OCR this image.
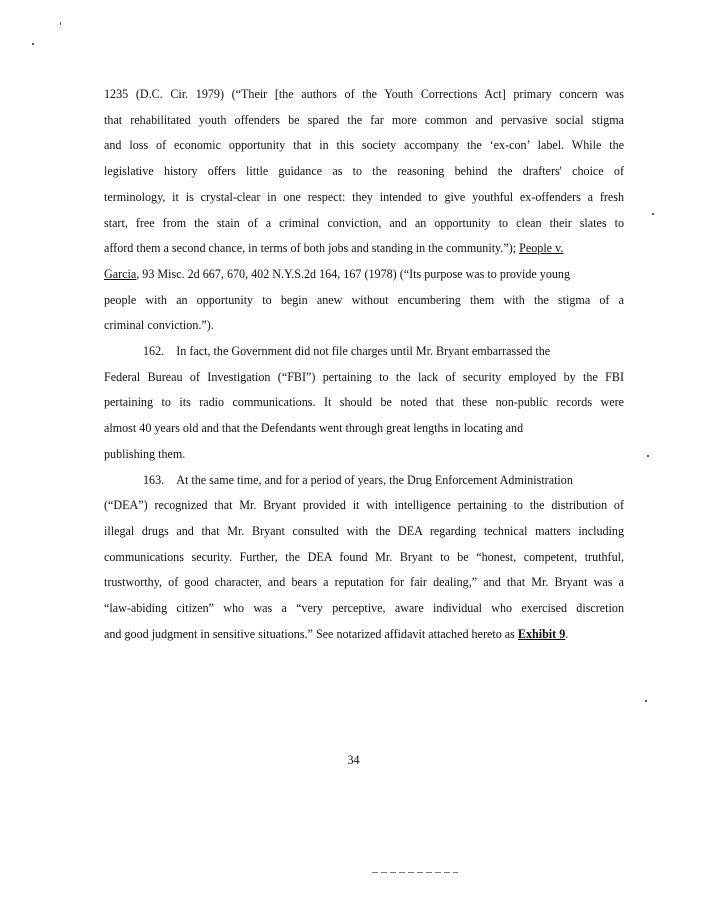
1235 (D.C. Cir. 1979) (“Their [the authors of the Youth Corrections Act] primary concern was
that rehabilitated youth offenders be spared the far more common and pervasive social stigma
and loss of economic opportunity that in this society accompany the ‘ex-con’ label. While the
legislative history offers little guidance as to the reasoning behind the drafters' choice of
terminology, it is crystal-clear in one respect: they intended to give youthful ex-offenders a fresh
start, free from the stain of a criminal conviction, and an opportunity to clean their slates to
afford them a second chance, in terms of both jobs and standing in the community.”); People v.
Garcia, 93 Misc. 2d 667, 670, 402 N.Y.S.2d 164, 167 (1978) (“Its purpose was to provide young
people with an opportunity to begin anew without encumbering them with the stigma of a
criminal conviction.”).
162. In fact, the Government did not file charges until Mr. Bryant embarrassed the
Federal Bureau of Investigation (“FBI”) pertaining to the lack of security employed by the FBI
pertaining to its radio communications. It should be noted that these non-public records were
almost 40 years old and that the Defendants went through great lengths in locating and
publishing them.
163. At the same time, and for a period of years, the Drug Enforcement Administration
(“DEA”) recognized that Mr. Bryant provided it with intelligence pertaining to the distribution of
illegal drugs and that Mr. Bryant consulted with the DEA regarding technical matters including
communications security. Further, the DEA found Mr. Bryant to be “honest, competent, truthful,
trustworthy, of good character, and bears a reputation for fair dealing,” and that Mr. Bryant was a
“law-abiding citizen” who was a “very perceptive, aware individual who exercised discretion
and good judgment in sensitive situations.” See notarized affidavit attached hereto as Exhibit 9.
34
